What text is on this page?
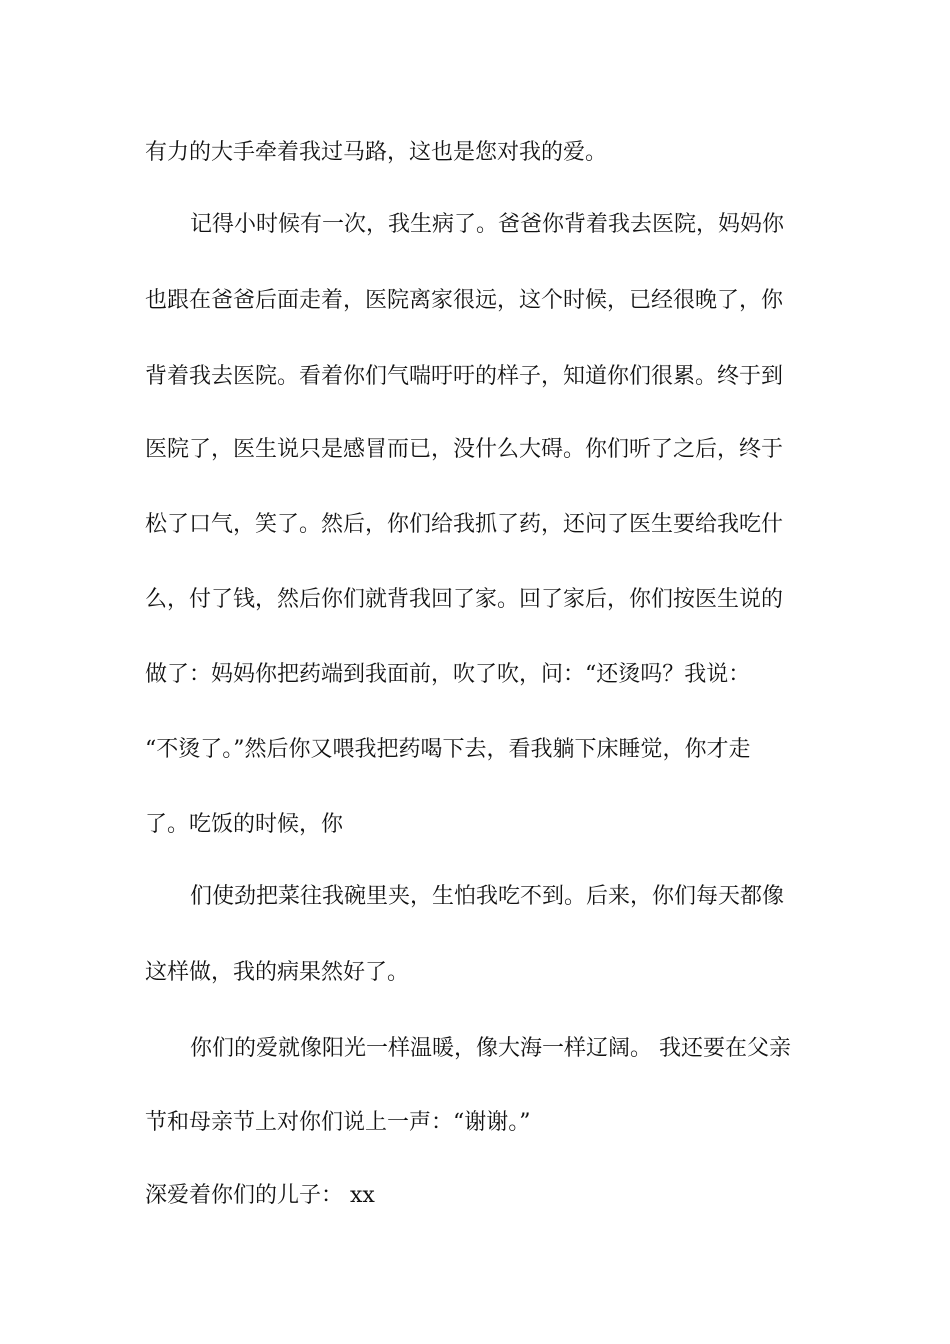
有力的大手牵着我过马路，这也是您对我的爱。
记得小时候有一次，我生病了。爸爸你背着我去医院，妈妈你
也跟在爸爸后面走着，医院离家很远，这个时候，已经很晚了，你
背着我去医院。看着你们气喘吁吁的样子，知道你们很累。终于到
医院了，医生说只是感冒而已，没什么大碍。你们听了之后，终于
松了口气，笑了。然后，你们给我抓了药，还问了医生要给我吃什
么，付了钱，然后你们就背我回了家。回了家后，你们按医生说的
做了：妈妈你把药端到我面前，吹了吹，问：“还烫吗？我说：
“不烫了。”然后你又喂我把药喝下去，看我躺下床睡觉，你才走
了。吃饭的时候，你
们使劲把菜往我碗里夹，生怕我吃不到。后来，你们每天都像
这样做，我的病果然好了。
你们的爱就像阳光一样温暖，像大海一样辽阔。 我还要在父亲
节和母亲节上对你们说上一声：“谢谢。”
深爱着你们的儿子： xx
